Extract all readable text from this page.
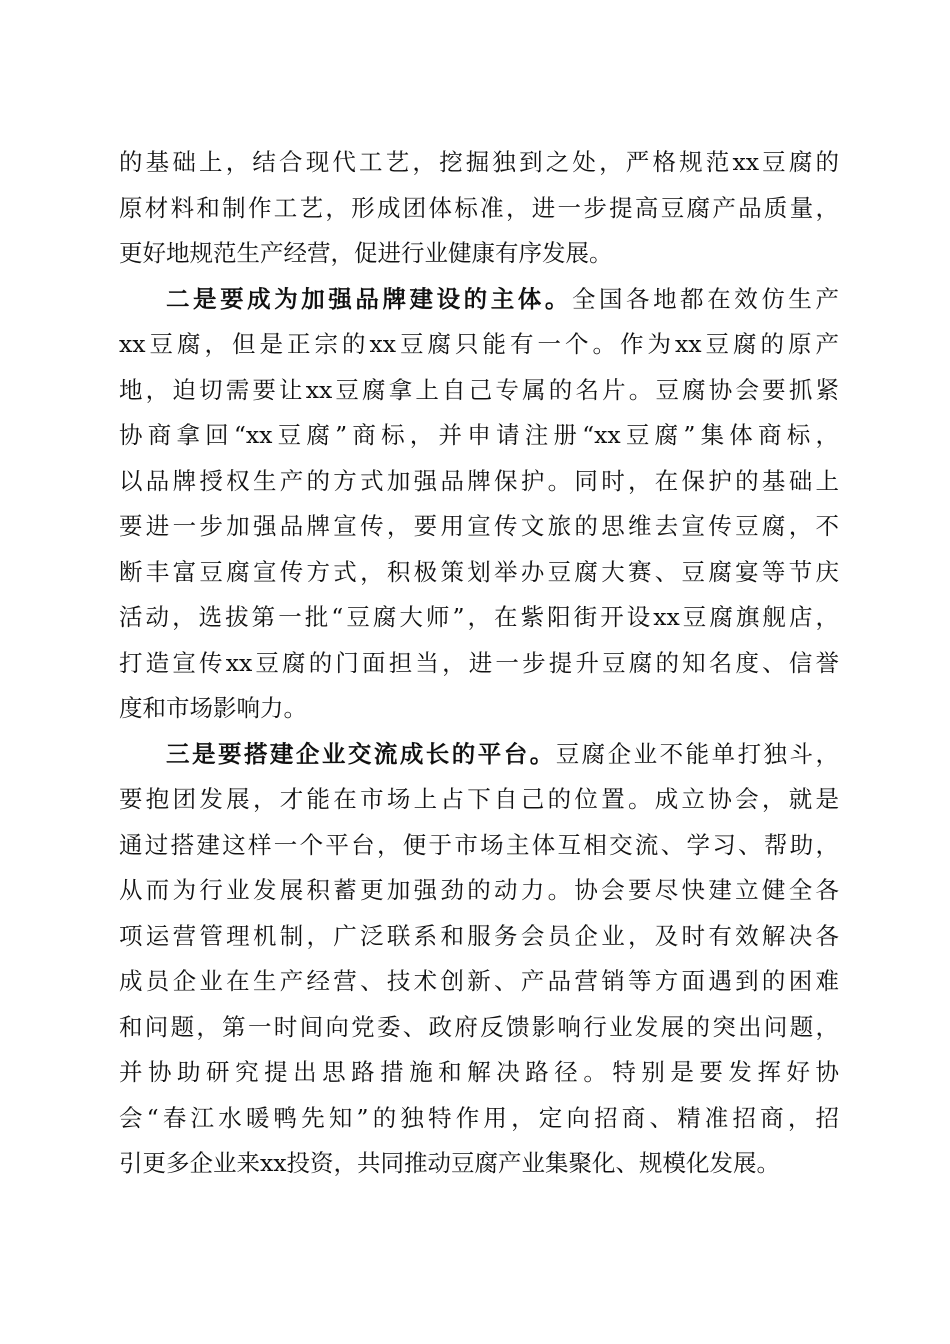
的基础上，结合现代工艺，挖掘独到之处，严格规范xx豆腐的
原材料和制作工艺，形成团体标准，进一步提高豆腐产品质量，
更好地规范生产经营，促进行业健康有序发展。
二是要成为加强品牌建设的主体。全国各地都在效仿生产
xx豆腐，但是正宗的xx豆腐只能有一个。作为xx豆腐的原产
地，迫切需要让xx豆腐拿上自己专属的名片。豆腐协会要抓紧
协商拿回“xx豆腐”商标，并申请注册“xx豆腐”集体商标，
以品牌授权生产的方式加强品牌保护。同时，在保护的基础上
要进一步加强品牌宣传，要用宣传文旅的思维去宣传豆腐，不
断丰富豆腐宣传方式，积极策划举办豆腐大赛、豆腐宴等节庆
活动，选拔第一批“豆腐大师”，在紫阳街开设xx豆腐旗舰店，
打造宣传xx豆腐的门面担当，进一步提升豆腐的知名度、信誉
度和市场影响力。
三是要搭建企业交流成长的平台。豆腐企业不能单打独斗，
要抱团发展，才能在市场上占下自己的位置。成立协会，就是
通过搭建这样一个平台，便于市场主体互相交流、学习、帮助，
从而为行业发展积蓄更加强劲的动力。协会要尽快建立健全各
项运营管理机制，广泛联系和服务会员企业，及时有效解决各
成员企业在生产经营、技术创新、产品营销等方面遇到的困难
和问题，第一时间向党委、政府反馈影响行业发展的突出问题，
并协助研究提出思路措施和解决路径。特别是要发挥好协
会“春江水暖鸭先知”的独特作用，定向招商、精准招商，招
引更多企业来xx投资，共同推动豆腐产业集聚化、规模化发展。
